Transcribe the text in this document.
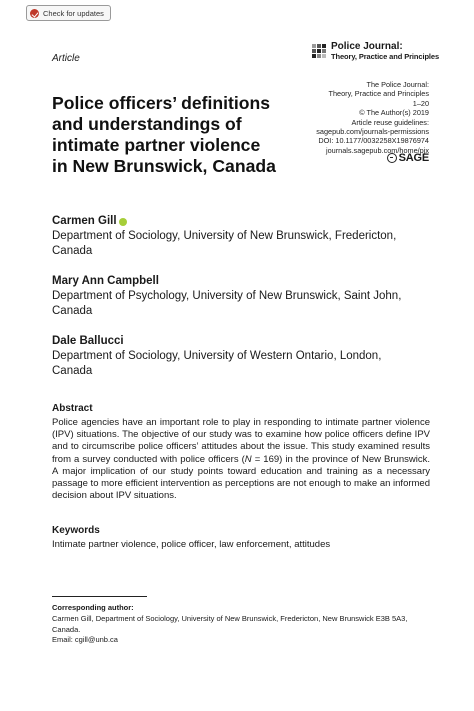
Check for updates
Article
Police Journal:
Theory, Practice and Principles
The Police Journal:
Theory, Practice and Principles
1–20
© The Author(s) 2019
Article reuse guidelines:
sagepub.com/journals-permissions
DOI: 10.1177/0032258X19876974
journals.sagepub.com/home/pjx
SAGE
Police officers’ definitions
and understandings of
intimate partner violence
in New Brunswick, Canada
Carmen Gill
Department of Sociology, University of New Brunswick, Fredericton,
Canada
Mary Ann Campbell
Department of Psychology, University of New Brunswick, Saint John,
Canada
Dale Ballucci
Department of Sociology, University of Western Ontario, London,
Canada
Abstract
Police agencies have an important role to play in responding to intimate partner violence (IPV) situations. The objective of our study was to examine how police officers define IPV and to circumscribe police officers’ attitudes about the issue. This study examined results from a survey conducted with police officers (N = 169) in the province of New Brunswick. A major implication of our study points toward education and training as a necessary passage to more efficient intervention as perceptions are not enough to make an informed decision about IPV situations.
Keywords
Intimate partner violence, police officer, law enforcement, attitudes
Corresponding author:
Carmen Gill, Department of Sociology, University of New Brunswick, Fredericton, New Brunswick E3B 5A3,
Canada.
Email: cgill@unb.ca
